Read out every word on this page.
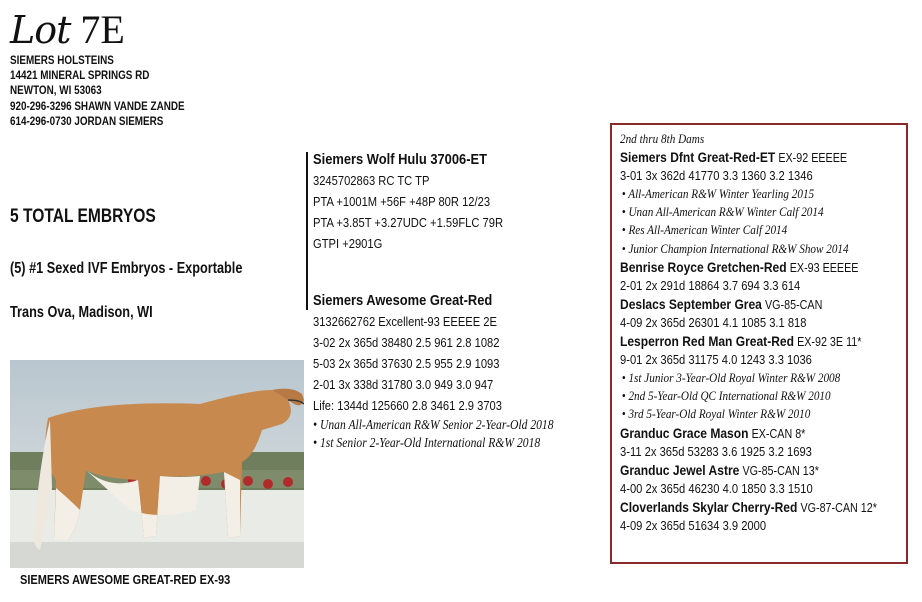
Lot 7E
SIEMERS HOLSTEINS
14421 MINERAL SPRINGS RD
NEWTON, WI 53063
920-296-3296 SHAWN VANDE ZANDE
614-296-0730 JORDAN SIEMERS
5 TOTAL EMBRYOS
(5) #1 Sexed IVF Embryos - Exportable
Trans Ova, Madison, WI
SIEMERS AWESOME GREAT-RED EX-93
Siemers Wolf Hulu 37006-ET
3245702863 RC TC TP
PTA +1001M +56F +48P 80R 12/23
PTA +3.85T +3.27UDC +1.59FLC 79R
GTPI +2901G
Siemers Awesome Great-Red
3132662762 Excellent-93 EEEEE 2E
3-02 2x 365d 38480 2.5 961 2.8 1082
5-03 2x 365d 37630 2.5 955 2.9 1093
2-01 3x 338d 31780 3.0 949 3.0 947
Life: 1344d 125660 2.8 3461 2.9 3703
• Unan All-American R&W Senior 2-Year-Old 2018
• 1st Senior 2-Year-Old International R&W 2018
2nd thru 8th Dams
Siemers Dfnt Great-Red-ET EX-92 EEEEE
3-01 3x 362d 41770 3.3 1360 3.2 1346
• All-American R&W Winter Yearling 2015
• Unan All-American R&W Winter Calf 2014
• Res All-American Winter Calf 2014
• Junior Champion International R&W Show 2014
Benrise Royce Gretchen-Red EX-93 EEEEE
2-01 2x 291d 18864 3.7 694 3.3 614
Deslacs September Grea VG-85-CAN
4-09 2x 365d 26301 4.1 1085 3.1 818
Lesperron Red Man Great-Red EX-92 3E 11*
9-01 2x 365d 31175 4.0 1243 3.3 1036
• 1st Junior 3-Year-Old Royal Winter R&W 2008
• 2nd 5-Year-Old QC International R&W 2010
• 3rd 5-Year-Old Royal Winter R&W 2010
Granduc Grace Mason EX-CAN 8*
3-11 2x 365d 53283 3.6 1925 3.2 1693
Granduc Jewel Astre VG-85-CAN 13*
4-00 2x 365d 46230 4.0 1850 3.3 1510
Cloverlands Skylar Cherry-Red VG-87-CAN 12*
4-09 2x 365d 51634 3.9 2000
